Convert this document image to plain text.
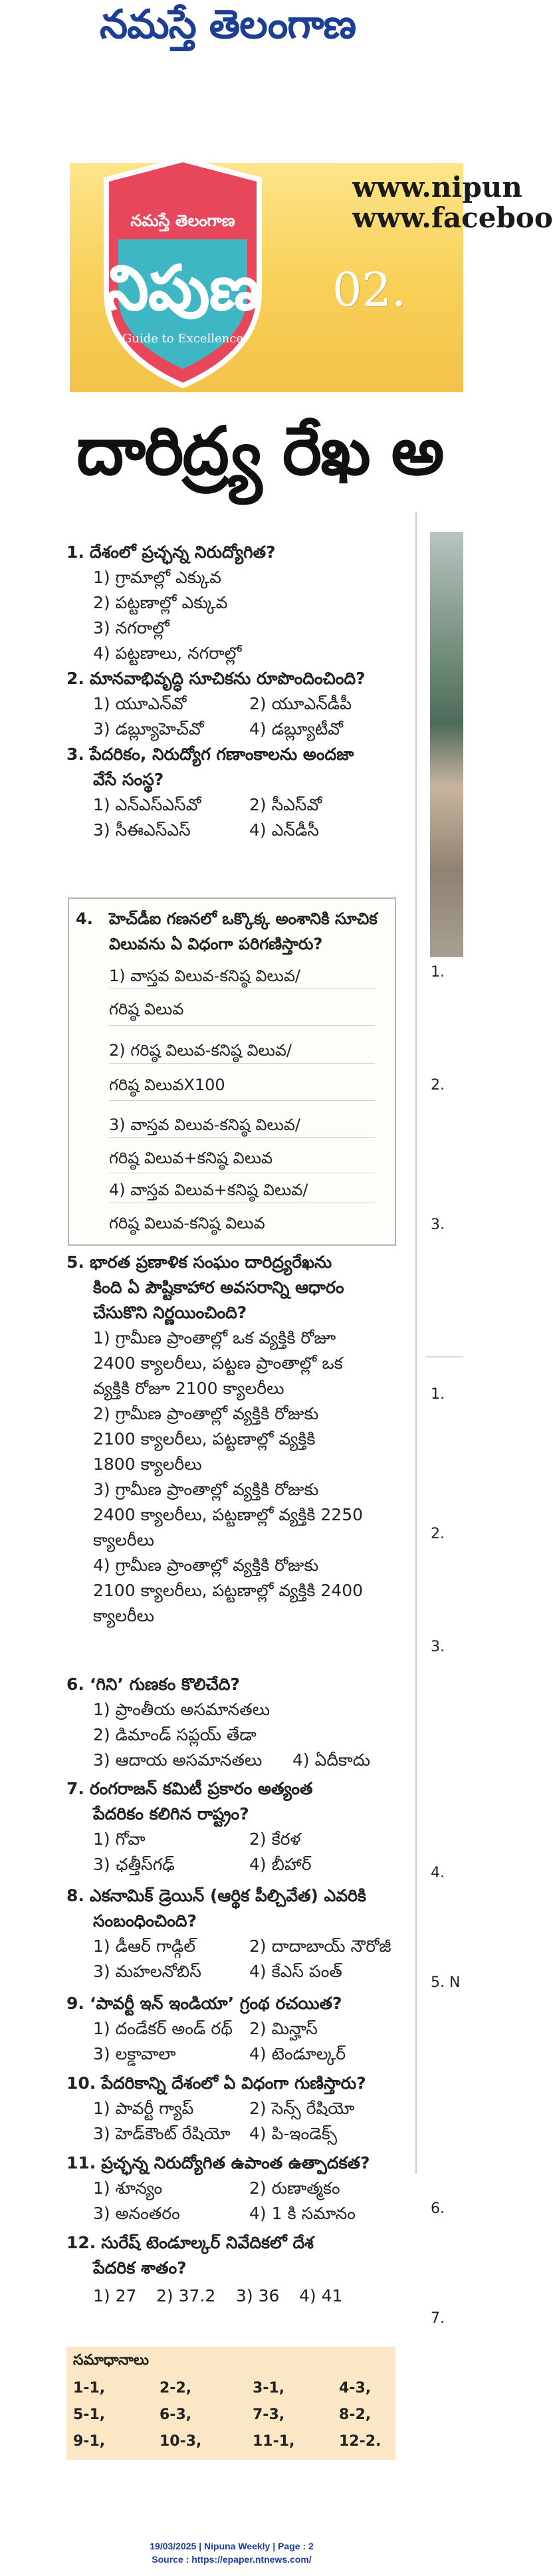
నమస్తే తెలంగాణ
నమస్తే తెలంగాణ
నిపుణ
Guide to Excellence
www.nipun
www.faceboo
02.
దారిద్ర్య రేఖ అ
1.
2.
3.
1.
2.
3.
4.
5. N
6.
7.
1. దేశంలో ప్రచ్ఛన్న నిరుద్యోగిత?
1) గ్రామాల్లో ఎక్కువ
2) పట్టణాల్లో ఎక్కువ
3) నగరాల్లో
4) పట్టణాలు, నగరాల్లో
2. మానవాభివృద్ధి సూచికను రూపొందించింది?
1) యూఎన్‌వో	2) యూఎన్‌డీపీ
3) డబ్ల్యూహెచ్‌వో	4) డబ్ల్యూటీవో
3. పేదరికం, నిరుద్యోగ గణాంకాలను అందజా
వేసే సంస్థ?
1) ఎన్‌ఎస్‌ఎస్‌వో	2) సీఎస్‌వో
3) సీఈఎస్‌ఎస్	4) ఎన్‌డీసీ
4. హెచ్‌డీఐ గణనలో ఒక్కొక్క అంశానికి సూచిక
విలువను ఏ విధంగా పరిగణిస్తారు?
1) వాస్తవ విలువ-కనిష్ఠ విలువ/
గరిష్ఠ విలువ
2) గరిష్ఠ విలువ-కనిష్ఠ విలువ/
గరిష్ఠ విలువX100
3) వాస్తవ విలువ-కనిష్ఠ విలువ/
గరిష్ఠ విలువ+కనిష్ఠ విలువ
4) వాస్తవ విలువ+కనిష్ఠ విలువ/
గరిష్ఠ విలువ-కనిష్ఠ విలువ
5. భారత ప్రణాళిక సంఘం దారిద్ర్యరేఖను
కింది ఏ పౌష్టికాహార అవసరాన్ని ఆధారం
చేసుకొని నిర్ణయించింది?
1) గ్రామీణ ప్రాంతాల్లో ఒక వ్యక్తికి రోజూ
2400 క్యాలరీలు, పట్టణ ప్రాంతాల్లో ఒక
వ్యక్తికి రోజూ 2100 క్యాలరీలు
2) గ్రామీణ ప్రాంతాల్లో వ్యక్తికి రోజుకు
2100 క్యాలరీలు, పట్టణాల్లో వ్యక్తికి
1800 క్యాలరీలు
3) గ్రామీణ ప్రాంతాల్లో వ్యక్తికి రోజుకు
2400 క్యాలరీలు, పట్టణాల్లో వ్యక్తికి 2250
క్యాలరీలు
4) గ్రామీణ ప్రాంతాల్లో వ్యక్తికి రోజుకు
2100 క్యాలరీలు, పట్టణాల్లో వ్యక్తికి 2400
క్యాలరీలు
6. ‘గిని’ గుణకం కొలిచేది?
1) ప్రాంతీయ అసమానతలు
2) డిమాండ్ సప్లయ్ తేడా
3) ఆదాయ అసమానతలు	4) ఏదీకాదు
7. రంగరాజన్ కమిటీ ప్రకారం అత్యంత
పేదరికం కలిగిన రాష్ట్రం?
1) గోవా	2) కేరళ
3) ఛత్తీస్‌గఢ్	4) బీహార్
8. ఎకనామిక్ డ్రెయిన్ (ఆర్థిక పీల్చివేత) ఎవరికి
సంబంధించింది?
1) డీఆర్ గాడ్గిల్	2) దాదాబాయ్ నౌరోజీ
3) మహలనోబిస్	4) కేఎస్ పంత్
9. ‘పావర్టీ ఇన్ ఇండియా’ గ్రంథ రచయిత?
1) దండేకర్ అండ్ రథ్	2) మిన్హాస్
3) లక్డావాలా	4) టెండూల్కర్
10. పేదరికాన్ని దేశంలో ఏ విధంగా గుణిస్తారు?
1) పావర్టీ గ్యాప్	2) సెన్స్ రేషియో
3) హెడ్‌కౌంట్ రేషియో	4) పి-ఇండెక్స్
11. ప్రచ్ఛన్న నిరుద్యోగిత ఉపాంత ఉత్పాదకత?
1) శూన్యం	2) రుణాత్మకం
3) అనంతరం	4) 1 కి సమానం
12. సురేష్ టెండూల్కర్ నివేదికలో దేశ
పేదరిక శాతం?
1) 27	2) 37.2	3) 36	4) 41
సమాధానాలు
1-1,	2-2,	3-1,	4-3,
5-1,	6-3,	7-3,	8-2,
9-1,	10-3,	11-1,	12-2.
19/03/2025 | Nipuna Weekly | Page : 2
Source : https://epaper.ntnews.com/
